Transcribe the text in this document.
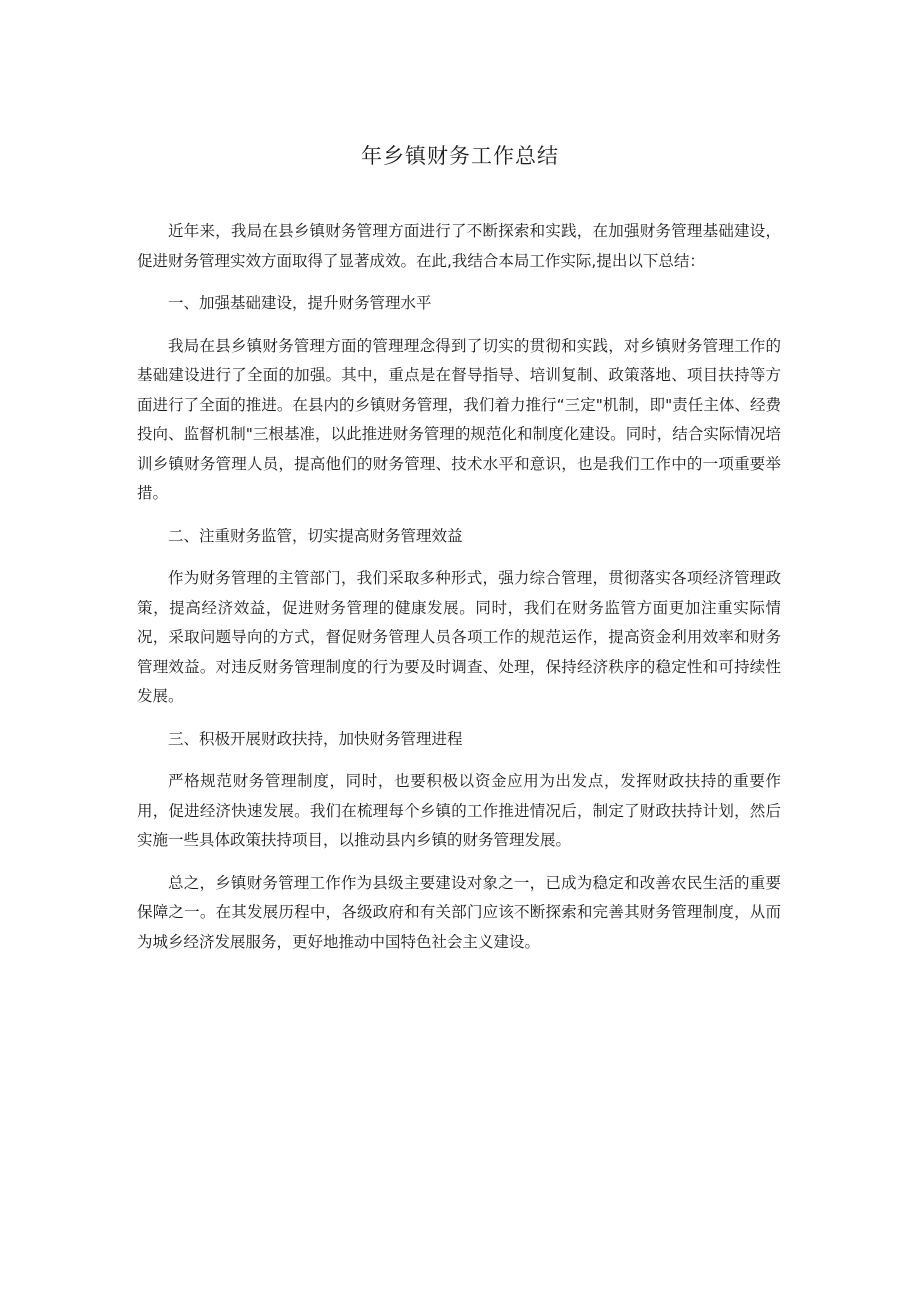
年乡镇财务工作总结

近年来，我局在县乡镇财务管理方面进行了不断探索和实践，在加强财务管理基础建设，促进财务管理实效方面取得了显著成效。在此,我结合本局工作实际,提出以下总结：

一、加强基础建设，提升财务管理水平

我局在县乡镇财务管理方面的管理理念得到了切实的贯彻和实践，对乡镇财务管理工作的基础建设进行了全面的加强。其中，重点是在督导指导、培训复制、政策落地、项目扶持等方面进行了全面的推进。在县内的乡镇财务管理，我们着力推行“三定"机制，即"责任主体、经费投向、监督机制"三根基准，以此推进财务管理的规范化和制度化建设。同时，结合实际情况培训乡镇财务管理人员，提高他们的财务管理、技术水平和意识，也是我们工作中的一项重要举措。

二、注重财务监管，切实提高财务管理效益

作为财务管理的主管部门，我们采取多种形式，强力综合管理，贯彻落实各项经济管理政策，提高经济效益，促进财务管理的健康发展。同时，我们在财务监管方面更加注重实际情况，采取问题导向的方式，督促财务管理人员各项工作的规范运作，提高资金利用效率和财务管理效益。对违反财务管理制度的行为要及时调查、处理，保持经济秩序的稳定性和可持续性发展。

三、积极开展财政扶持，加快财务管理进程

严格规范财务管理制度，同时，也要积极以资金应用为出发点，发挥财政扶持的重要作用，促进经济快速发展。我们在梳理每个乡镇的工作推进情况后，制定了财政扶持计划，然后实施一些具体政策扶持项目，以推动县内乡镇的财务管理发展。

总之，乡镇财务管理工作作为县级主要建设对象之一，已成为稳定和改善农民生活的重要保障之一。在其发展历程中，各级政府和有关部门应该不断探索和完善其财务管理制度，从而为城乡经济发展服务，更好地推动中国特色社会主义建设。
